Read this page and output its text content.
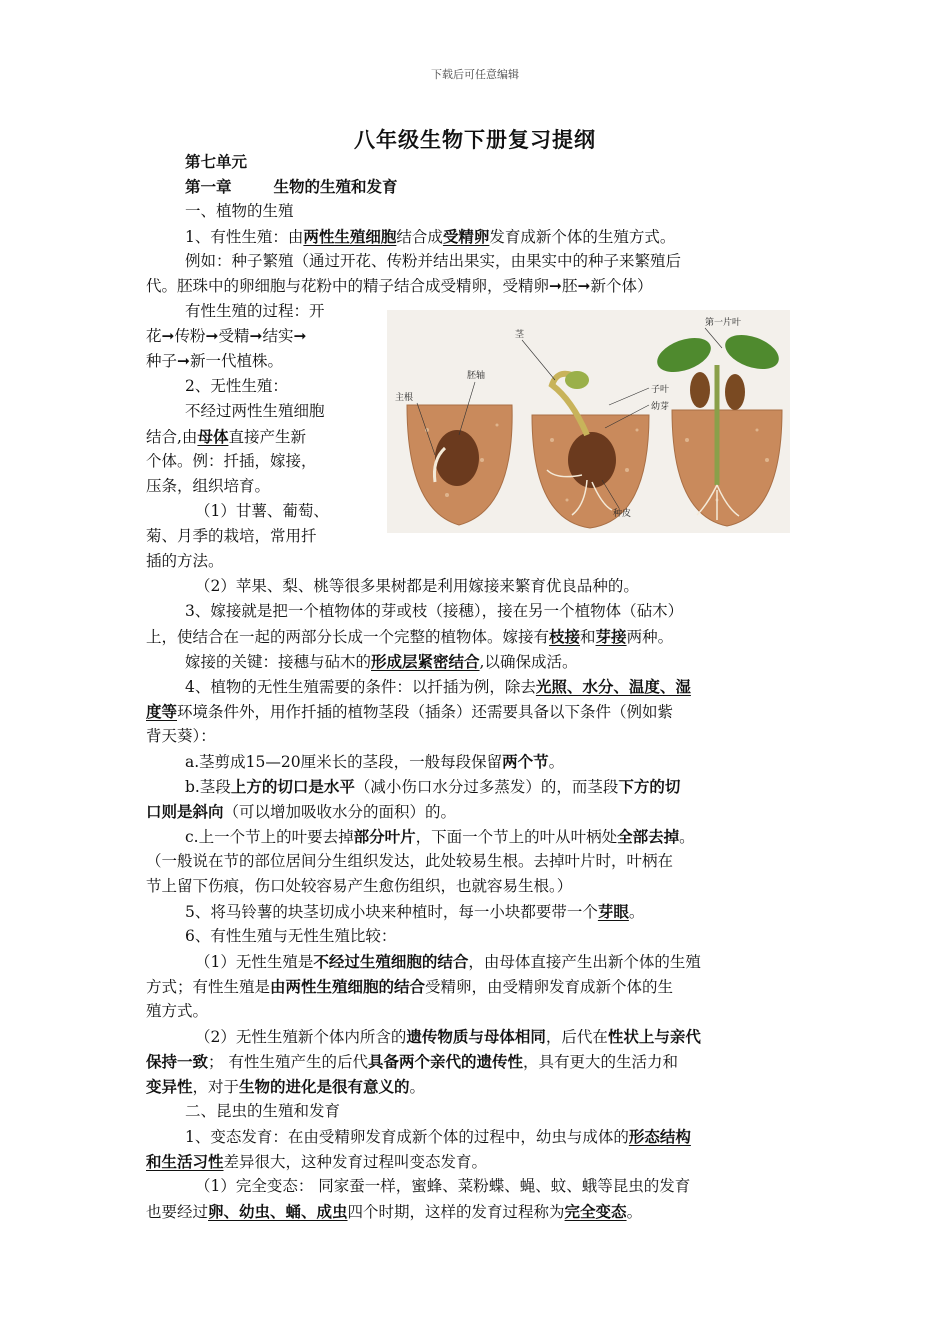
下载后可任意编辑
八年级生物下册复习提纲
第七单元
第一章	生物的生殖和发育
一、植物的生殖
1、有性生殖：由两性生殖细胞结合成受精卵发育成新个体的生殖方式。
例如：种子繁殖（通过开花、传粉并结出果实，由果实中的种子来繁殖后
代。胚珠中的卵细胞与花粉中的精子结合成受精卵，受精卵➞胚➞新个体）
有性生殖的过程：开
花➞传粉➞受精➞结实➞
种子➞新一代植株。
2、无性生殖：
不经过两性生殖细胞
结合,由母体直接产生新
个体。例：扦插，嫁接，
压条，组织培育。
（1）甘薯、葡萄、
菊、月季的栽培，常用扦
插的方法。
主根
胚轴
茎
第一片叶
子叶
幼芽
种皮
（2）苹果、梨、桃等很多果树都是利用嫁接来繁育优良品种的。
3、嫁接就是把一个植物体的芽或枝（接穗），接在另一个植物体（砧木）
上，使结合在一起的两部分长成一个完整的植物体。嫁接有枝接和芽接两种。
嫁接的关键：接穗与砧木的形成层紧密结合,以确保成活。
4、植物的无性生殖需要的条件：以扦插为例，除去光照、水分、温度、湿
度等环境条件外，用作扦插的植物茎段（插条）还需要具备以下条件（例如紫
背天葵）：
a.茎剪成15—20厘米长的茎段，一般每段保留两个节。
b.茎段上方的切口是水平（减小伤口水分过多蒸发）的，而茎段下方的切
口则是斜向（可以增加吸收水分的面积）的。
c.上一个节上的叶要去掉部分叶片，下面一个节上的叶从叶柄处全部去掉。
（一般说在节的部位居间分生组织发达，此处较易生根。去掉叶片时，叶柄在
节上留下伤痕，伤口处较容易产生愈伤组织，也就容易生根。）
5、将马铃薯的块茎切成小块来种植时，每一小块都要带一个芽眼。
6、有性生殖与无性生殖比较：
（1）无性生殖是不经过生殖细胞的结合，由母体直接产生出新个体的生殖
方式；有性生殖是由两性生殖细胞的结合受精卵，由受精卵发育成新个体的生
殖方式。
（2）无性生殖新个体内所含的遗传物质与母体相同，后代在性状上与亲代
保持一致； 有性生殖产生的后代具备两个亲代的遗传性，具有更大的生活力和
变异性，对于生物的进化是很有意义的。
二、昆虫的生殖和发育
1、变态发育：在由受精卵发育成新个体的过程中，幼虫与成体的形态结构
和生活习性差异很大，这种发育过程叫变态发育。
（1）完全变态： 同家蚕一样，蜜蜂、菜粉蝶、蝇、蚊、蛾等昆虫的发育
也要经过卵、幼虫、蛹、成虫四个时期，这样的发育过程称为完全变态。
